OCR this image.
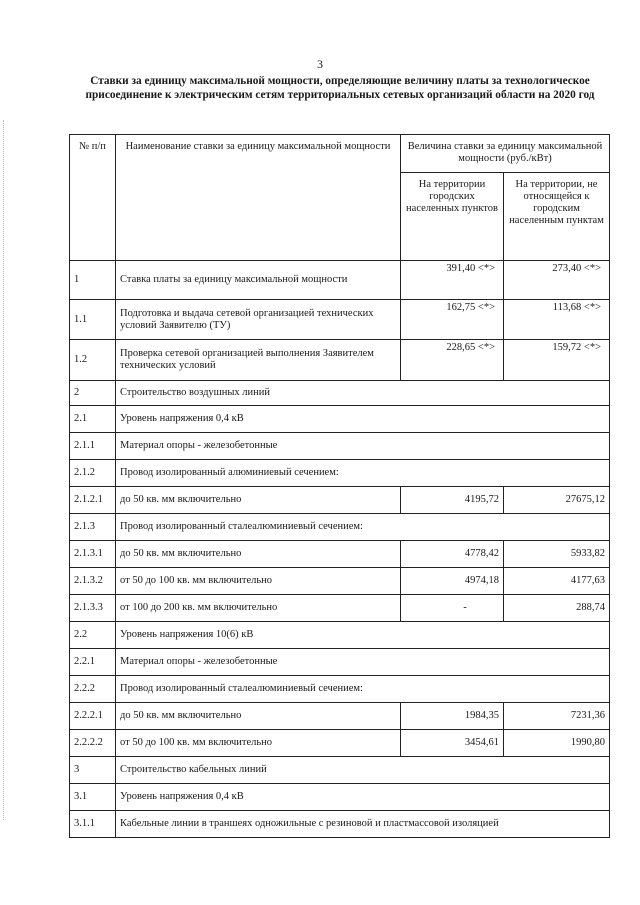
3
Ставки за единицу максимальной мощности, определяющие величину платы за технологическое присоединение к электрическим сетям территориальных сетевых организаций области на 2020 год
№ п/п	Наименование ставки за единицу максимальной мощности	Величина ставки за единицу максимальной мощности (руб./кВт)	
		На территории городских населенных пунктов	На территории, не относящейся к городским населенным пунктам
1	Ставка платы за единицу максимальной мощности	391,40 <*>	273,40 <*>
1.1	Подготовка и выдача сетевой организацией технических условий Заявителю (ТУ)	162,75 <*>	113,68 <*>
1.2	Проверка сетевой организацией выполнения Заявителем технических условий	228,65 <*>	159,72 <*>
2	Строительство воздушных линий		
2.1	Уровень напряжения 0,4 кВ		
2.1.1	Материал опоры - железобетонные		
2.1.2	Провод изолированный алюминиевый сечением:		
2.1.2.1	до 50 кв. мм включительно	4195,72	27675,12
2.1.3	Провод изолированный сталеалюминиевый сечением:		
2.1.3.1	до 50 кв. мм включительно	4778,42	5933,82
2.1.3.2	от 50 до 100 кв. мм включительно	4974,18	4177,63
2.1.3.3	от 100 до 200 кв. мм включительно	-	288,74
2.2	Уровень напряжения 10(6) кВ		
2.2.1	Материал опоры - железобетонные		
2.2.2	Провод изолированный сталеалюминиевый сечением:		
2.2.2.1	до 50 кв. мм включительно	1984,35	7231,36
2.2.2.2	от 50 до 100 кв. мм включительно	3454,61	1990,80
3	Строительство кабельных линий		
3.1	Уровень напряжения 0,4 кВ		
3.1.1	Кабельные линии в траншеях одножильные с резиновой и пластмассовой изоляцией		
